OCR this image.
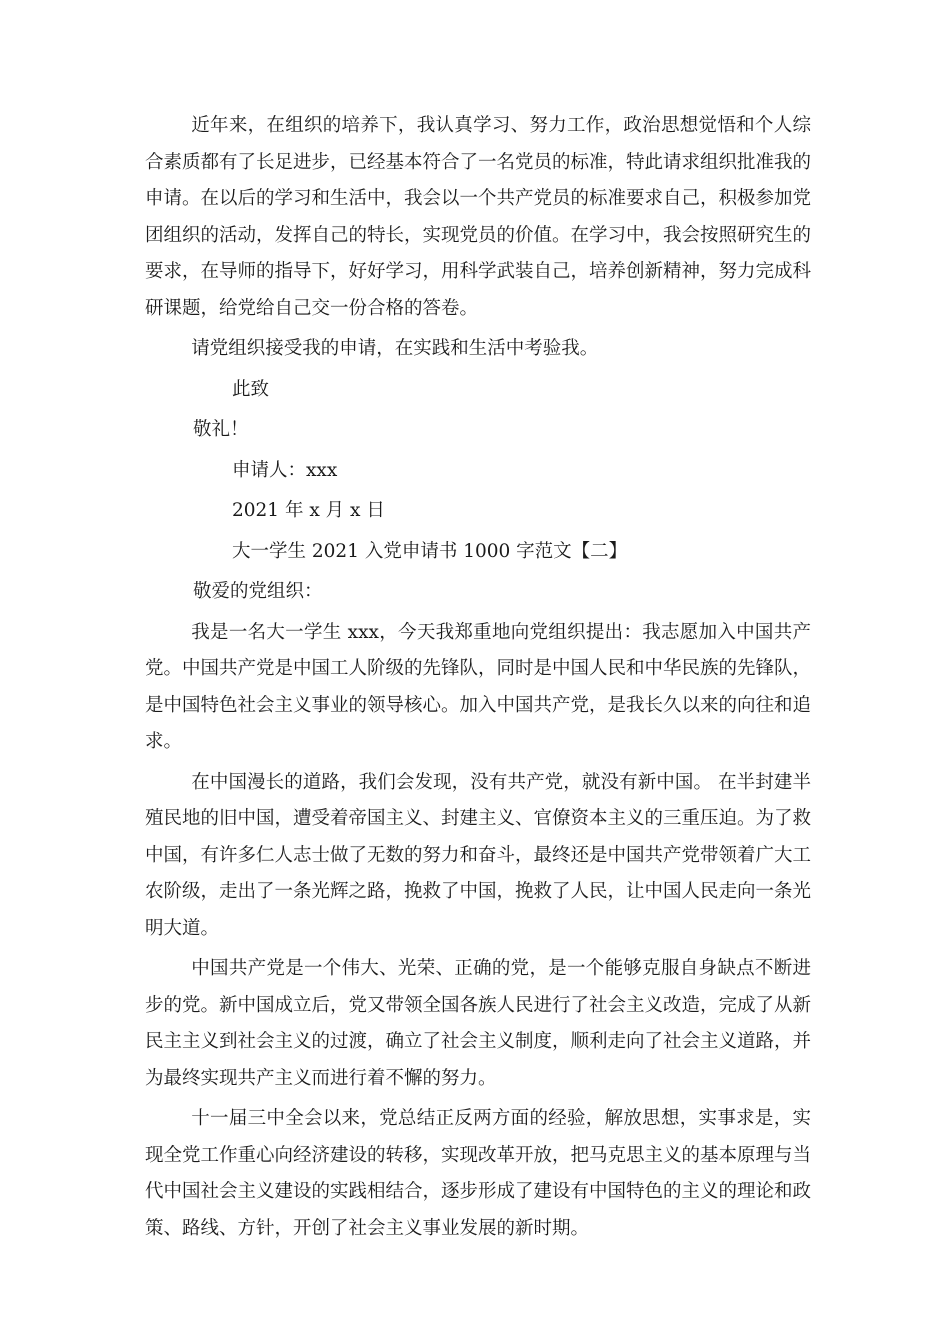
近年来，在组织的培养下，我认真学习、努力工作，政治思想觉悟和个人综合素质都有了长足进步，已经基本符合了一名党员的标准，特此请求组织批准我的申请。在以后的学习和生活中，我会以一个共产党员的标准要求自己，积极参加党团组织的活动，发挥自己的特长，实现党员的价值。在学习中，我会按照研究生的要求，在导师的指导下，好好学习，用科学武装自己，培养创新精神，努力完成科研课题，给党给自己交一份合格的答卷。

请党组织接受我的申请，在实践和生活中考验我。

此致

敬礼！

申请人：xxx

2021 年 x 月 x 日

大一学生 2021 入党申请书 1000 字范文【二】

敬爱的党组织：

我是一名大一学生 xxx，今天我郑重地向党组织提出：我志愿加入中国共产党。中国共产党是中国工人阶级的先锋队，同时是中国人民和中华民族的先锋队，是中国特色社会主义事业的领导核心。加入中国共产党，是我长久以来的向往和追求。

在中国漫长的道路，我们会发现，没有共产党，就没有新中国。 在半封建半殖民地的旧中国，遭受着帝国主义、封建主义、官僚资本主义的三重压迫。为了救中国，有许多仁人志士做了无数的努力和奋斗，最终还是中国共产党带领着广大工农阶级，走出了一条光辉之路，挽救了中国，挽救了人民，让中国人民走向一条光明大道。

中国共产党是一个伟大、光荣、正确的党，是一个能够克服自身缺点不断进步的党。新中国成立后，党又带领全国各族人民进行了社会主义改造，完成了从新民主主义到社会主义的过渡，确立了社会主义制度，顺利走向了社会主义道路，并为最终实现共产主义而进行着不懈的努力。

十一届三中全会以来，党总结正反两方面的经验，解放思想，实事求是，实现全党工作重心向经济建设的转移，实现改革开放，把马克思主义的基本原理与当代中国社会主义建设的实践相结合，逐步形成了建设有中国特色的主义的理论和政策、路线、方针，开创了社会主义事业发展的新时期。
